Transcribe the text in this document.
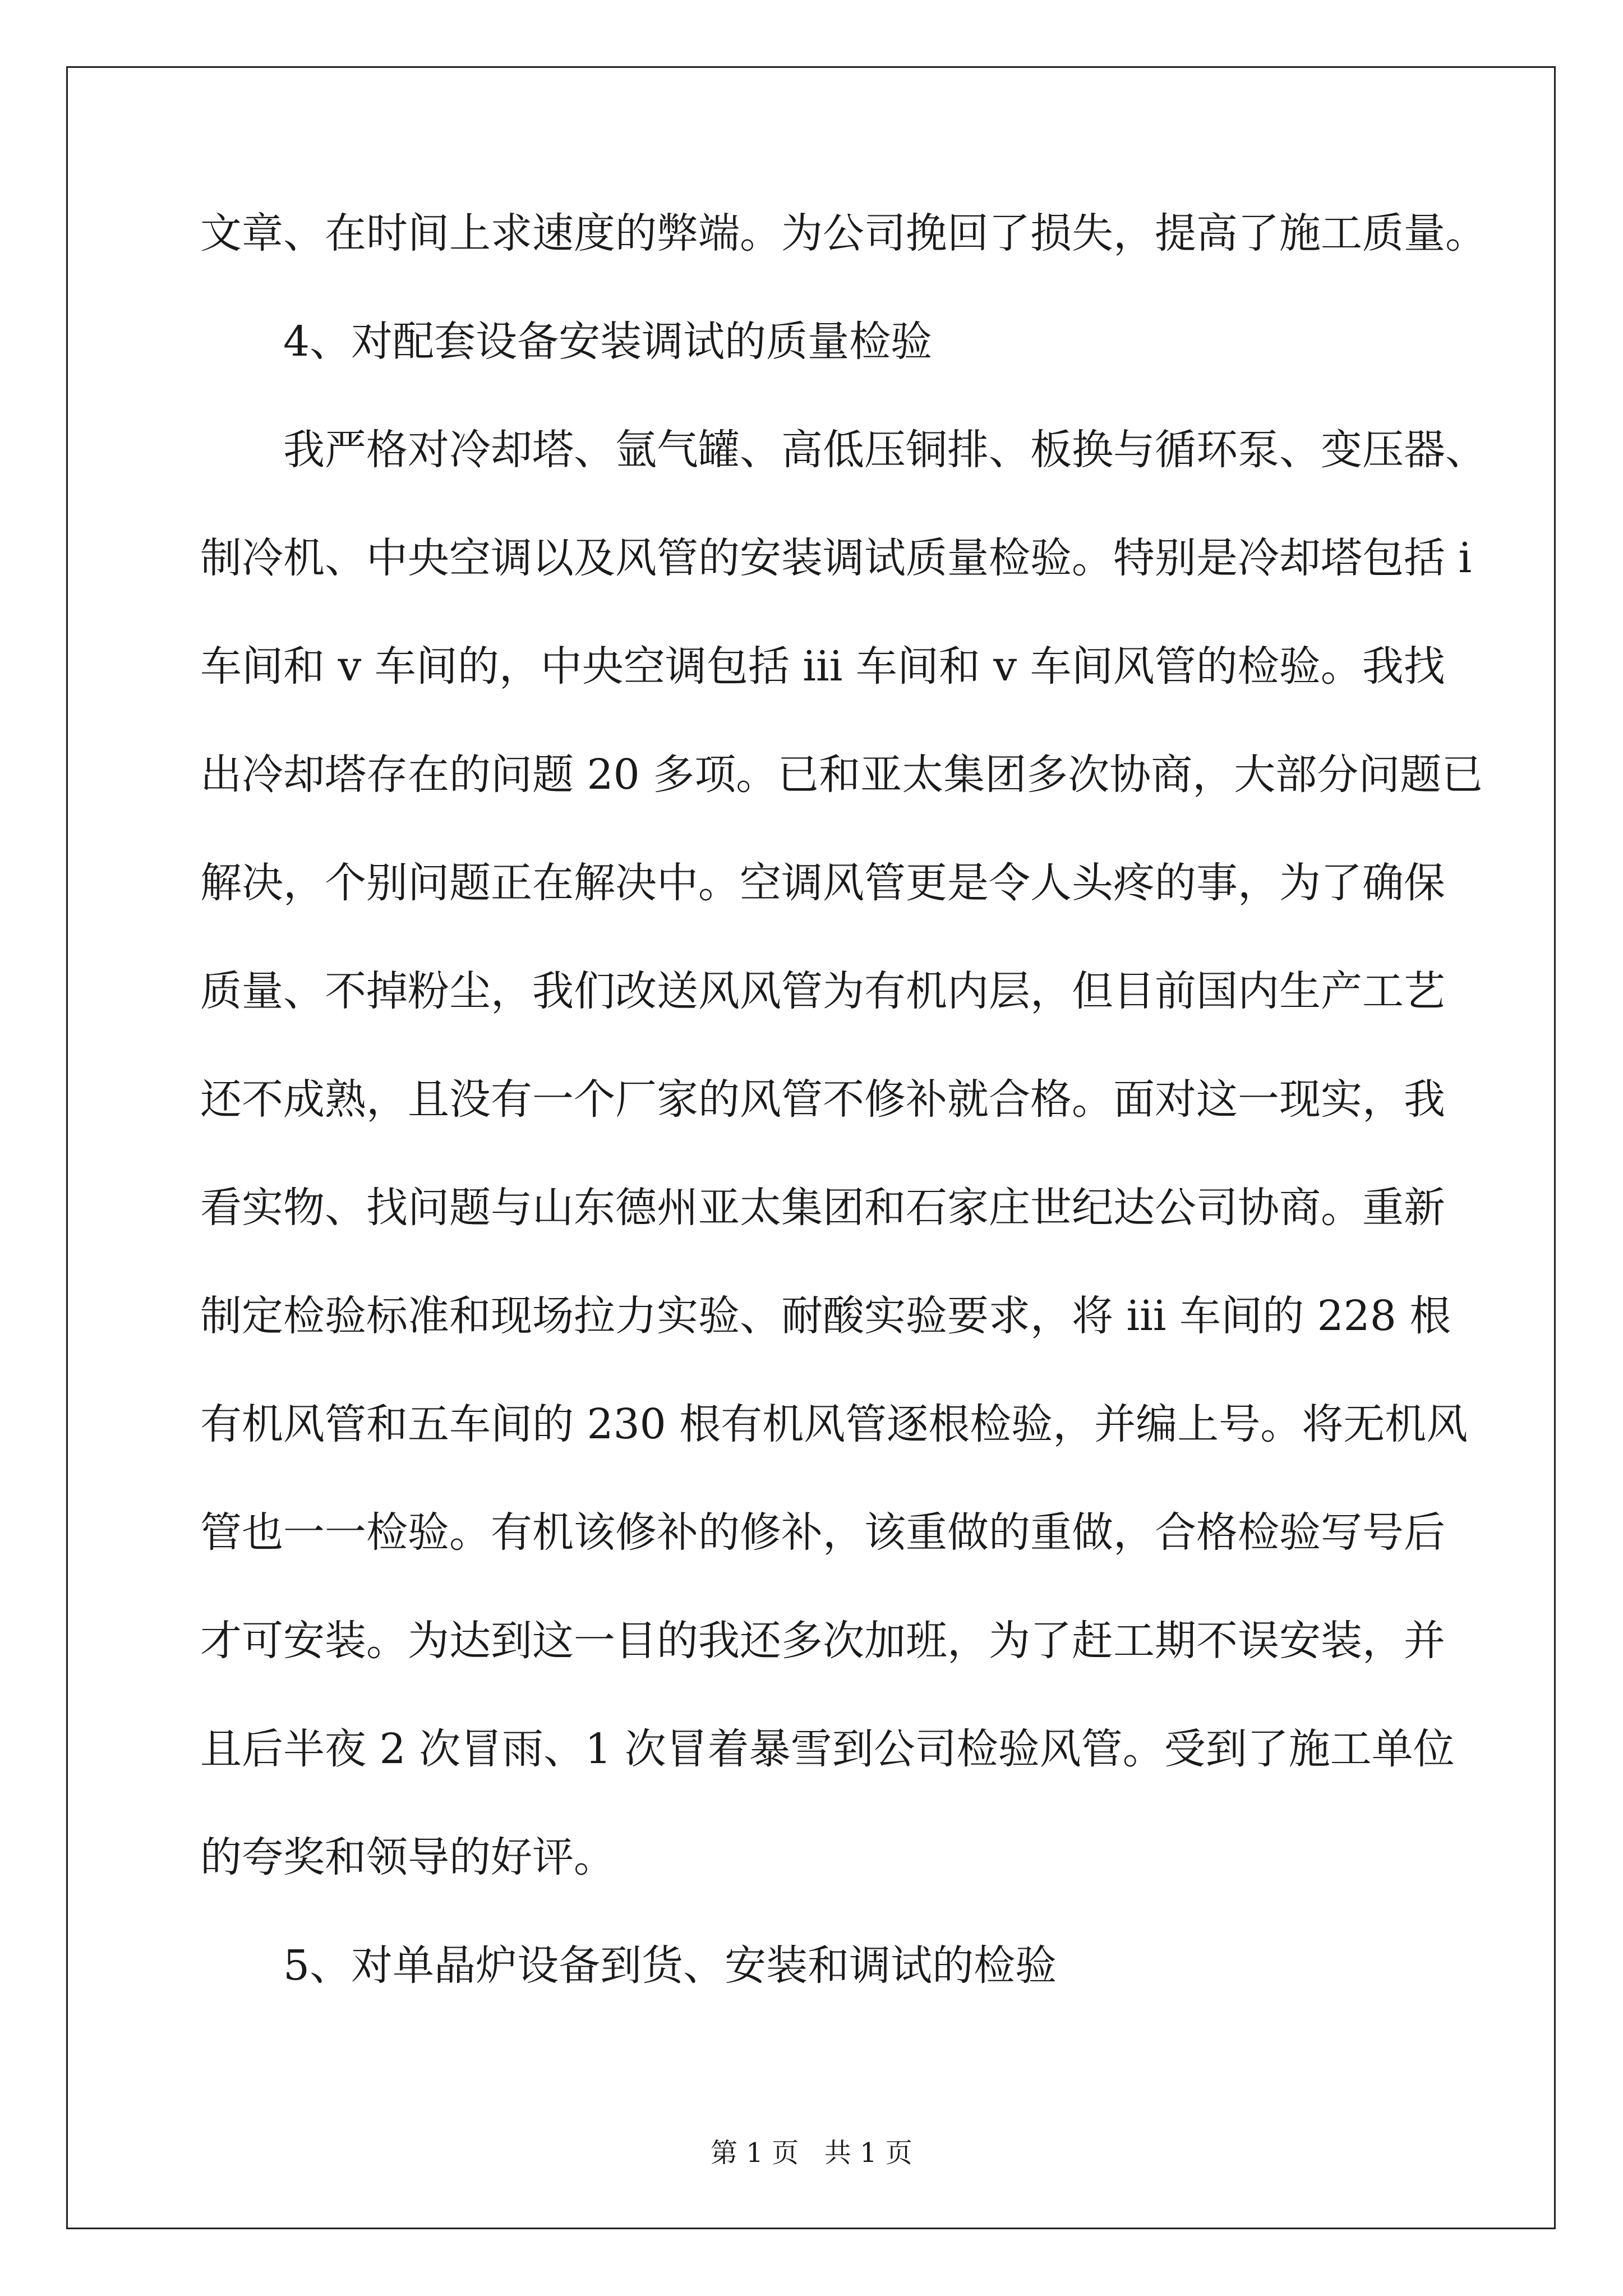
文章、在时间上求速度的弊端。为公司挽回了损失，提高了施工质量。
4、对配套设备安装调试的质量检验
我严格对冷却塔、氩气罐、高低压铜排、板换与循环泵、变压器、
制冷机、中央空调以及风管的安装调试质量检验。特别是冷却塔包括 i
车间和 v 车间的，中央空调包括 iii 车间和 v 车间风管的检验。我找
出冷却塔存在的问题 20 多项。已和亚太集团多次协商，大部分问题已
解决，个别问题正在解决中。空调风管更是令人头疼的事，为了确保
质量、不掉粉尘，我们改送风风管为有机内层，但目前国内生产工艺
还不成熟，且没有一个厂家的风管不修补就合格。面对这一现实，我
看实物、找问题与山东德州亚太集团和石家庄世纪达公司协商。重新
制定检验标准和现场拉力实验、耐酸实验要求，将 iii 车间的 228 根
有机风管和五车间的 230 根有机风管逐根检验，并编上号。将无机风
管也一一检验。有机该修补的修补，该重做的重做，合格检验写号后
才可安装。为达到这一目的我还多次加班，为了赶工期不误安装，并
且后半夜 2 次冒雨、1 次冒着暴雪到公司检验风管。受到了施工单位
的夸奖和领导的好评。
5、对单晶炉设备到货、安装和调试的检验
第 1 页   共 1 页
